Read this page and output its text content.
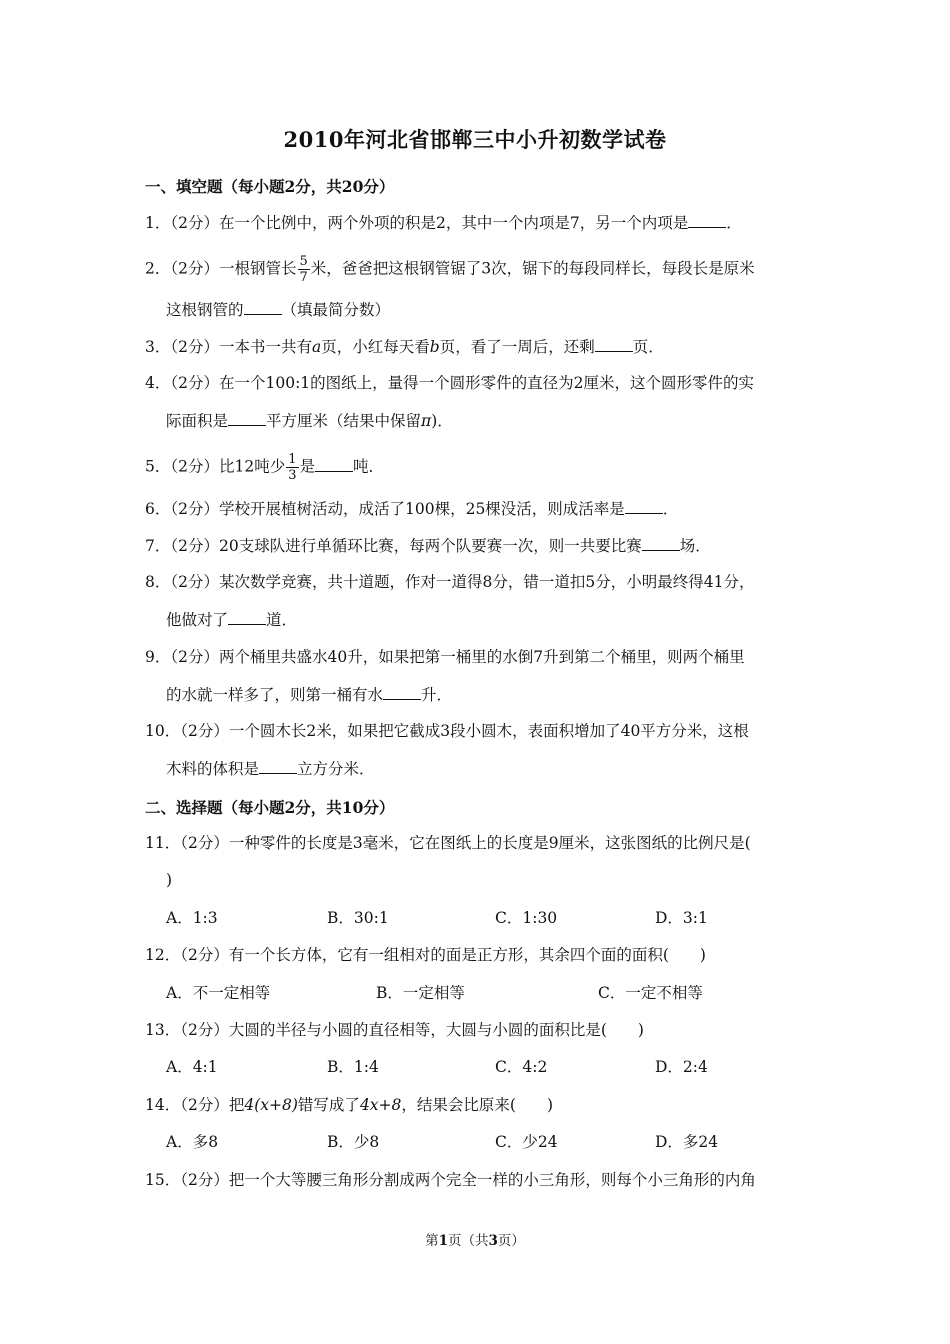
2010年河北省邯郸三中小升初数学试卷
一、填空题（每小题2分，共20分）
1．（2分）在一个比例中，两个外项的积是2，其中一个内项是7，另一个内项是 ．
2．（2分）一根钢管长 $\frac{5}{7}$ 米，爸爸把这根钢管锯了3次，锯下的每段同样长，每段长是原米
这根钢管的 （填最简分数）
3．（2分）一本书一共有a页，小红每天看b页，看了一周后，还剩 页．
4．（2分）在一个100:1的图纸上，量得一个圆形零件的直径为2厘米，这个圆形零件的实
际面积是 平方厘米（结果中保留π)．
5．（2分）比12吨少 $\frac{1}{3}$ 是 吨．
6．（2分）学校开展植树活动，成活了100棵，25棵没活，则成活率是 ．
7．（2分）20支球队进行单循环比赛，每两个队要赛一次，则一共要比赛 场．
8．（2分）某次数学竞赛，共十道题，作对一道得8分，错一道扣5分，小明最终得41分，
他做对了 道．
9．（2分）两个桶里共盛水40升，如果把第一桶里的水倒7升到第二个桶里，则两个桶里
的水就一样多了，则第一桶有水 升．
10．（2分）一个圆木长2米，如果把它截成3段小圆木，表面积增加了40平方分米，这根
木料的体积是 立方分米．
二、选择题（每小题2分，共10分）
11．（2分）一种零件的长度是3毫米，它在图纸上的长度是9厘米，这张图纸的比例尺是(
)
A．1:3	B．30:1	C．1:30	D．3:1
12．（2分）有一个长方体，它有一组相对的面是正方形，其余四个面的面积(　　)
A．不一定相等	B．一定相等	C．一定不相等
13．（2分）大圆的半径与小圆的直径相等，大圆与小圆的面积比是(　　)
A．4:1	B．1:4	C．4:2	D．2:4
14．（2分）把4(x+8)错写成了4x+8，结果会比原来(　　)
A．多8	B．少8	C．少24	D．多24
15．（2分）把一个大等腰三角形分割成两个完全一样的小三角形，则每个小三角形的内角
第1页（共3页）
